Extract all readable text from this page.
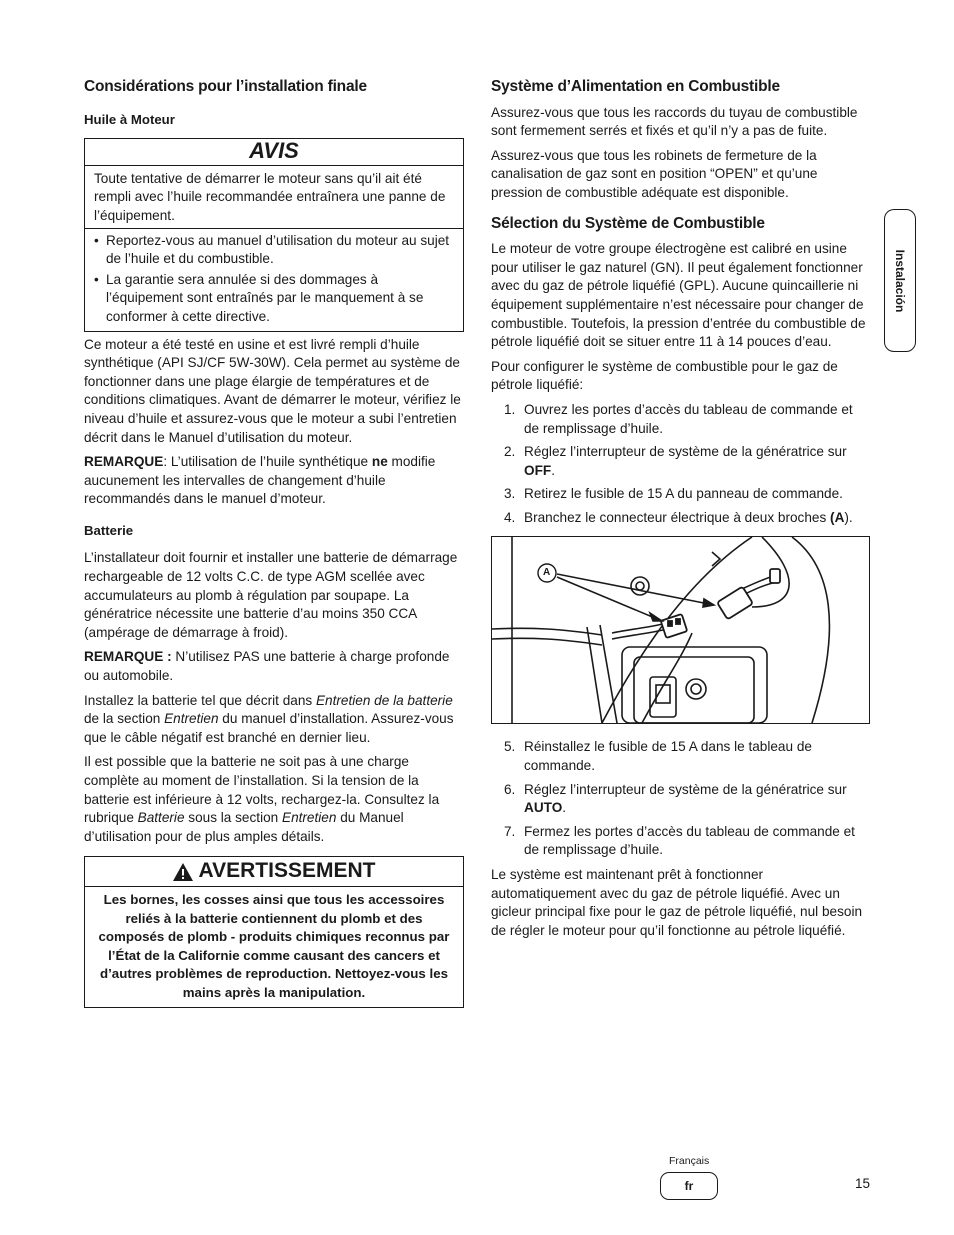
Considérations pour l’installation finale
Huile à Moteur
AVIS

Toute tentative de démarrer le moteur sans qu’il ait été rempli avec l’huile recommandée entraînera une panne de l’équipement.

• Reportez-vous au manuel d’utilisation du moteur au sujet de l’huile et du combustible.
• La garantie sera annulée si des dommages à l’équipement sont entraînés par le manquement à se conformer à cette directive.

Ce moteur a été testé en usine et est livré rempli d’huile synthétique (API SJ/CF 5W-30W). Cela permet au système de fonctionner dans une plage élargie de températures et de conditions climatiques. Avant de démarrer le moteur, vérifiez le niveau d’huile et assurez-vous que le moteur a subi l’entretien décrit dans le Manuel d’utilisation du moteur.

REMARQUE: L’utilisation de l’huile synthétique ne modifie aucunement les intervalles de changement d’huile recommandés dans le manuel d’moteur.

Batterie

L’installateur doit fournir et installer une batterie de démarrage rechargeable de 12 volts C.C. de type AGM scellée avec accumulateurs au plomb à régulation par soupape. La génératrice nécessite une batterie d’au moins 350 CCA (ampérage de démarrage à froid).

REMARQUE : N’utilisez PAS une batterie à charge profonde ou automobile.

Installez la batterie tel que décrit dans Entretien de la batterie de la section Entretien du manuel d’installation. Assurez-vous que le câble négatif est branché en dernier lieu.

Il est possible que la batterie ne soit pas à une charge complète au moment de l’installation. Si la tension de la batterie est inférieure à 12 volts, rechargez-la. Consultez la rubrique Batterie sous la section Entretien du Manuel d’utilisation pour de plus amples détails.

AVERTISSEMENT
Les bornes, les cosses ainsi que tous les accessoires reliés à la batterie contiennent du plomb et des composés de plomb - produits chimiques reconnus par l’État de la Californie comme causant des cancers et d’autres problèmes de reproduction. Nettoyez-vous les mains après la manipulation.
Système d’Alimentation en Combustible

Assurez-vous que tous les raccords du tuyau de combustible sont fermement serrés et fixés et qu’il n’y a pas de fuite.

Assurez-vous que tous les robinets de fermeture de la canalisation de gaz sont en position “OPEN” et qu’une pression de combustible adéquate est disponible.

Sélection du Système de Combustible

Le moteur de votre groupe électrogène est calibré en usine pour utiliser le gaz naturel (GN). Il peut également fonctionner avec du gaz de pétrole liquéfié (GPL). Aucune quincaillerie ni équipement supplémentaire n’est nécessaire pour changer de combustible. Toutefois, la pression d’entrée du combustible de pétrole liquéfié doit se situer entre 11 à 14 pouces d’eau.

Pour configurer le système de combustible pour le gaz de pétrole liquéfié:

1. Ouvrez les portes d’accès du tableau de commande et de remplissage d’huile.
2. Réglez l’interrupteur de système de la génératrice sur OFF.
3. Retirez le fusible de 15 A du panneau de commande.
4. Branchez le connecteur électrique à deux broches (A).
A
5. Réinstallez le fusible de 15 A dans le tableau de commande.
6. Réglez l’interrupteur de système de la génératrice sur AUTO.
7. Fermez les portes d’accès du tableau de commande et de remplissage d’huile.

Le système est maintenant prêt à fonctionner automatiquement avec du gaz de pétrole liquéfié. Avec un gicleur principal fixe pour le gaz de pétrole liquéfié, nul besoin de régler le moteur pour qu’il fonctionne au pétrole liquéfié.

Instalación
Français
fr	15
